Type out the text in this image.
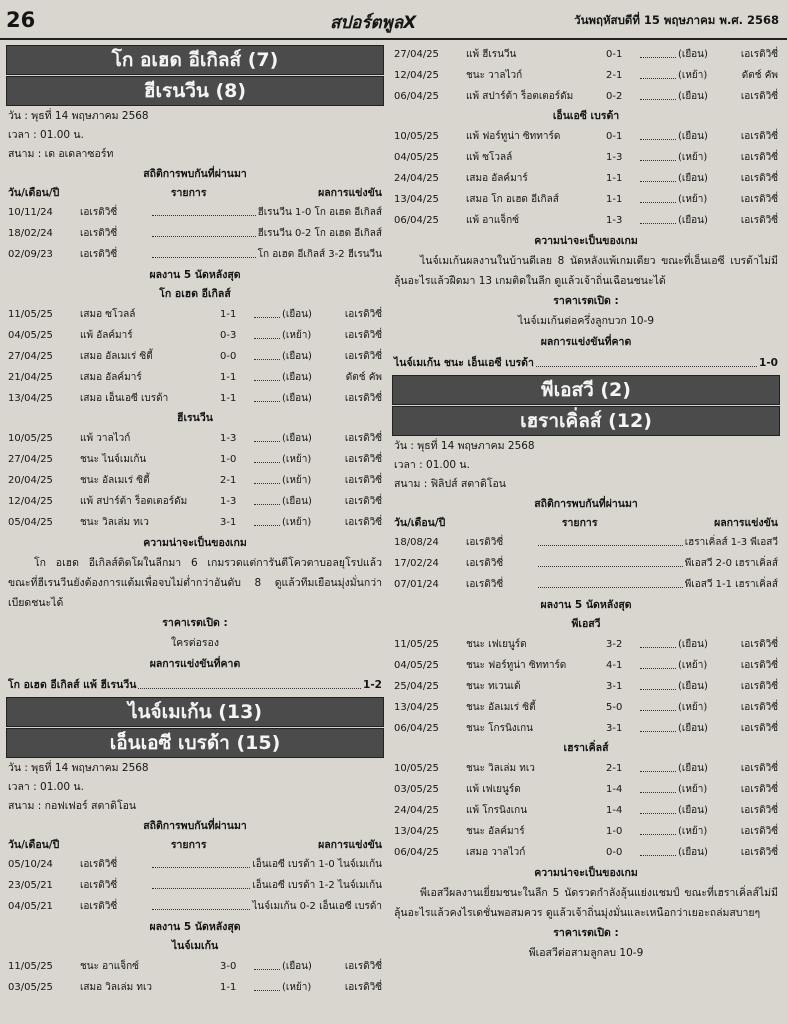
26	สปอร์ตพูลX	วันพฤหัสบดีที่ 15 พฤษภาคม พ.ศ. 2568
โก อเฮด อีเกิลส์ (7)
ฮีเรนวีน (8)
วัน : พุธที่ 14 พฤษภาคม 2568
เวลา : 01.00 น.
สนาม : เด อเดลาซอร์ท
สถิติการพบกันที่ผ่านมา
วัน/เดือน/ปี	รายการ	ผลการแข่งขัน
10/11/24	เอเรดิวิซี่	ฮีเรนวีน 1-0 โก อเฮด อีเกิลส์
18/02/24	เอเรดิวิซี่	ฮีเรนวีน 0-2 โก อเฮด อีเกิลส์
02/09/23	เอเรดิวิซี่	โก อเฮด อีเกิลส์ 3-2 ฮีเรนวีน
ผลงาน 5 นัดหลังสุด
โก อเฮด อีเกิลส์
11/05/25	เสมอ ซโวลล์	1-1	(เยือน)	เอเรดิวิซี่
04/05/25	แพ้ อัลค์มาร์	0-3	(เหย้า)	เอเรดิวิซี่
27/04/25	เสมอ อัลเมเร่ ซิตี้	0-0	(เยือน)	เอเรดิวิซี่
21/04/25	เสมอ อัลค์มาร์	1-1	(เยือน)	ดัตช์ คัพ
13/04/25	เสมอ เอ็นเอซี เบรด้า	1-1	(เยือน)	เอเรดิวิซี่
ฮีเรนวีน
10/05/25	แพ้ วาลไวก์	1-3	(เยือน)	เอเรดิวิซี่
27/04/25	ชนะ ไนจ์เมเก้น	1-0	(เหย้า)	เอเรดิวิซี่
20/04/25	ชนะ อัลเมเร่ ซิตี้	2-1	(เหย้า)	เอเรดิวิซี่
12/04/25	แพ้ สปาร์ต้า ร็อตเตอร์ดัม	1-3	(เยือน)	เอเรดิวิซี่
05/04/25	ชนะ วิลเล่ม ทเว	3-1	(เหย้า)	เอเรดิวิซี่
ความน่าจะเป็นของเกม
โก อเฮด อีเกิลส์ติดโผในลีกมา 6 เกมรวดแต่การันตีโควตาบอลยุโรปแล้ว ขณะที่ฮีเรนวีนยังต้องการแต้มเพื่อจบไม่ต่ำกว่าอันดับ 8 ดูแล้วทีมเยือนมุ่งมั่นกว่าเบียดชนะได้
ราคาเรตเปิด :
ใครต่อรอง
ผลการแข่งขันที่คาด
โก อเฮด อีเกิลส์ แพ้ ฮีเรนวีน	1-2
ไนจ์เมเก้น (13)
เอ็นเอซี เบรด้า (15)
วัน : พุธที่ 14 พฤษภาคม 2568
เวลา : 01.00 น.
สนาม : กอฟเฟอร์ สตาดิโอน
สถิติการพบกันที่ผ่านมา
วัน/เดือน/ปี	รายการ	ผลการแข่งขัน
05/10/24	เอเรดิวิซี่	เอ็นเอซี เบรด้า 1-0 ไนจ์เมเก้น
23/05/21	เอเรดิวิซี่	เอ็นเอซี เบรด้า 1-2 ไนจ์เมเก้น
04/05/21	เอเรดิวิซี่	ไนจ์เมเก้น 0-2 เอ็นเอซี เบรด้า
ผลงาน 5 นัดหลังสุด
ไนจ์เมเก้น
11/05/25	ชนะ อาแจ็กซ์	3-0	(เยือน)	เอเรดิวิซี่
03/05/25	เสมอ วิลเล่ม ทเว	1-1	(เหย้า)	เอเรดิวิซี่
27/04/25	แพ้ ฮีเรนวีน	0-1	(เยือน)	เอเรดิวิซี่
12/04/25	ชนะ วาลไวก์	2-1	(เหย้า)	ดัตช์ คัพ
06/04/25	แพ้ สปาร์ต้า ร็อตเตอร์ดัม	0-2	(เยือน)	เอเรดิวิซี่
เอ็นเอซี เบรด้า
10/05/25	แพ้ ฟอร์ทูน่า ซิททาร์ด	0-1	(เยือน)	เอเรดิวิซี่
04/05/25	แพ้ ซโวลล์	1-3	(เหย้า)	เอเรดิวิซี่
24/04/25	เสมอ อัลค์มาร์	1-1	(เยือน)	เอเรดิวิซี่
13/04/25	เสมอ โก อเฮด อีเกิลส์	1-1	(เหย้า)	เอเรดิวิซี่
06/04/25	แพ้ อาแจ็กซ์	1-3	(เยือน)	เอเรดิวิซี่
ความน่าจะเป็นของเกม
ไนจ์เมเก้นผลงานในบ้านดีเลย 8 นัดหลังแพ้เกมเดียว ขณะที่เอ็นเอซี เบรด้าไม่มีลุ้นอะไรแล้วฝืดมา 13 เกมติดในลีก ดูแล้วเจ้าถิ่นเฉือนชนะได้
ราคาเรตเปิด :
ไนจ์เมเก้นต่อครึ่งลูกบวก 10-9
ผลการแข่งขันที่คาด
ไนจ์เมเก้น ชนะ เอ็นเอซี เบรด้า	1-0
พีเอสวี (2)
เฮราเคิ่ลส์ (12)
วัน : พุธที่ 14 พฤษภาคม 2568
เวลา : 01.00 น.
สนาม : ฟิลิปส์ สตาดิโอน
สถิติการพบกันที่ผ่านมา
วัน/เดือน/ปี	รายการ	ผลการแข่งขัน
18/08/24	เอเรดิวิซี่	เฮราเคิ่ลส์ 1-3 พีเอสวี
17/02/24	เอเรดิวิซี่	พีเอสวี 2-0 เฮราเคิ่ลส์
07/01/24	เอเรดิวิซี่	พีเอสวี 1-1 เฮราเคิ่ลส์
ผลงาน 5 นัดหลังสุด
พีเอสวี
11/05/25	ชนะ เฟเยนูร์ด	3-2	(เยือน)	เอเรดิวิซี่
04/05/25	ชนะ ฟอร์ทูน่า ซิททาร์ด	4-1	(เหย้า)	เอเรดิวิซี่
25/04/25	ชนะ ทเวนเต้	3-1	(เยือน)	เอเรดิวิซี่
13/04/25	ชนะ อัลเมเร่ ซิตี้	5-0	(เหย้า)	เอเรดิวิซี่
06/04/25	ชนะ โกรนิงเกน	3-1	(เยือน)	เอเรดิวิซี่
เฮราเคิ่ลส์
10/05/25	ชนะ วิลเล่ม ทเว	2-1	(เยือน)	เอเรดิวิซี่
03/05/25	แพ้ เฟเยนูร์ด	1-4	(เหย้า)	เอเรดิวิซี่
24/04/25	แพ้ โกรนิงเกน	1-4	(เยือน)	เอเรดิวิซี่
13/04/25	ชนะ อัลค์มาร์	1-0	(เหย้า)	เอเรดิวิซี่
06/04/25	เสมอ วาลไวก์	0-0	(เยือน)	เอเรดิวิซี่
ความน่าจะเป็นของเกม
พีเอสวีผลงานเยี่ยมชนะในลีก 5 นัดรวดกำลังลุ้นแย่งแชมป์ ขณะที่เฮราเคิ่ลส์ไม่มีลุ้นอะไรแล้วคงไรเดชั่นพอสมควร ดูแล้วเจ้าถิ่นมุ่งมั่นและเหนือกว่าเยอะถล่มสบายๆ
ราคาเรตเปิด :
พีเอสวีต่อสามลูกลบ 10-9
